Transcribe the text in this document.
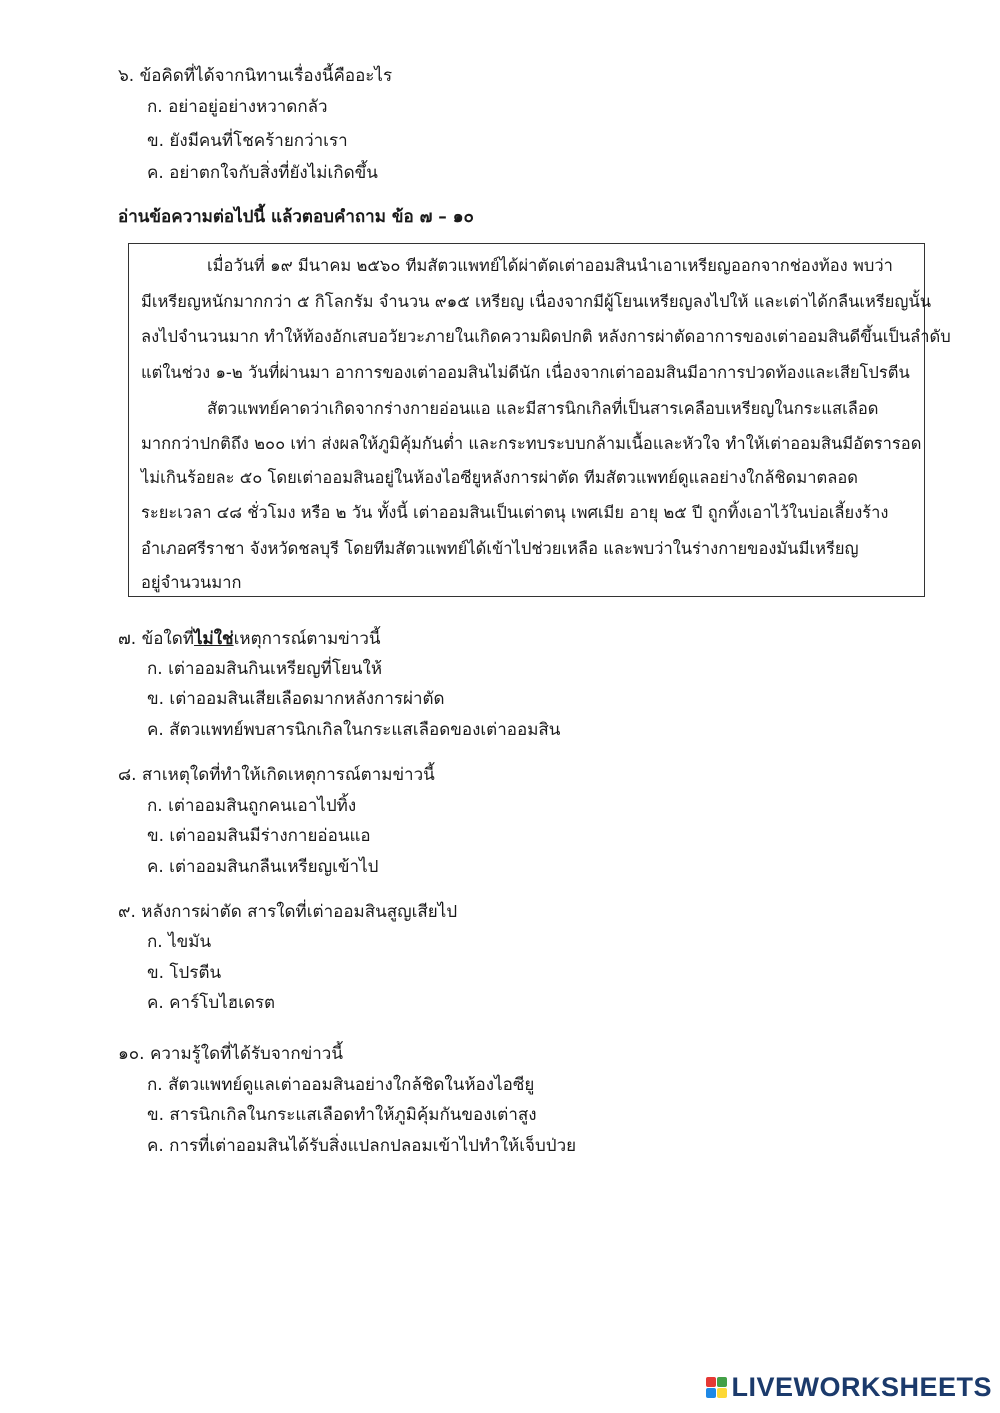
๖. ข้อคิดที่ได้จากนิทานเรื่องนี้คืออะไร
ก. อย่าอยู่อย่างหวาดกลัว
ข. ยังมีคนที่โชคร้ายกว่าเรา
ค. อย่าตกใจกับสิ่งที่ยังไม่เกิดขึ้น
อ่านข้อความต่อไปนี้ แล้วตอบคำถาม ข้อ ๗ – ๑๐
เมื่อวันที่ ๑๙ มีนาคม ๒๕๖๐ ทีมสัตวแพทย์ได้ผ่าตัดเต่าออมสินนำเอาเหรียญออกจากช่องท้อง พบว่า
มีเหรียญหนักมากกว่า ๕ กิโลกรัม จำนวน ๙๑๕ เหรียญ เนื่องจากมีผู้โยนเหรียญลงไปให้ และเต่าได้กลืนเหรียญนั้น
ลงไปจำนวนมาก ทำให้ท้องอักเสบอวัยวะภายในเกิดความผิดปกติ หลังการผ่าตัดอาการของเต่าออมสินดีขึ้นเป็นลำดับ
แต่ในช่วง ๑-๒ วันที่ผ่านมา อาการของเต่าออมสินไม่ดีนัก เนื่องจากเต่าออมสินมีอาการปวดท้องและเสียโปรตีน
สัตวแพทย์คาดว่าเกิดจากร่างกายอ่อนแอ และมีสารนิกเกิลที่เป็นสารเคลือบเหรียญในกระแสเลือด
มากกว่าปกติถึง ๒๐๐ เท่า ส่งผลให้ภูมิคุ้มกันต่ำ และกระทบระบบกล้ามเนื้อและหัวใจ ทำให้เต่าออมสินมีอัตรารอด
ไม่เกินร้อยละ ๕๐ โดยเต่าออมสินอยู่ในห้องไอซียูหลังการผ่าตัด ทีมสัตวแพทย์ดูแลอย่างใกล้ชิดมาตลอด
ระยะเวลา ๔๘ ชั่วโมง หรือ ๒ วัน ทั้งนี้ เต่าออมสินเป็นเต่าตนุ เพศเมีย อายุ ๒๕ ปี ถูกทิ้งเอาไว้ในบ่อเลี้ยงร้าง
อำเภอศรีราชา จังหวัดชลบุรี โดยทีมสัตวแพทย์ได้เข้าไปช่วยเหลือ และพบว่าในร่างกายของมันมีเหรียญ
อยู่จำนวนมาก
๗. ข้อใดที่ไม่ใช่เหตุการณ์ตามข่าวนี้
ก. เต่าออมสินกินเหรียญที่โยนให้
ข. เต่าออมสินเสียเลือดมากหลังการผ่าตัด
ค. สัตวแพทย์พบสารนิกเกิลในกระแสเลือดของเต่าออมสิน
๘. สาเหตุใดที่ทำให้เกิดเหตุการณ์ตามข่าวนี้
ก. เต่าออมสินถูกคนเอาไปทิ้ง
ข. เต่าออมสินมีร่างกายอ่อนแอ
ค. เต่าออมสินกลืนเหรียญเข้าไป
๙. หลังการผ่าตัด สารใดที่เต่าออมสินสูญเสียไป
ก. ไขมัน
ข. โปรตีน
ค. คาร์โบไฮเดรต
๑๐. ความรู้ใดที่ได้รับจากข่าวนี้
ก. สัตวแพทย์ดูแลเต่าออมสินอย่างใกล้ชิดในห้องไอซียู
ข. สารนิกเกิลในกระแสเลือดทำให้ภูมิคุ้มกันของเต่าสูง
ค. การที่เต่าออมสินได้รับสิ่งแปลกปลอมเข้าไปทำให้เจ็บป่วย
LIVEWORKSHEETS
